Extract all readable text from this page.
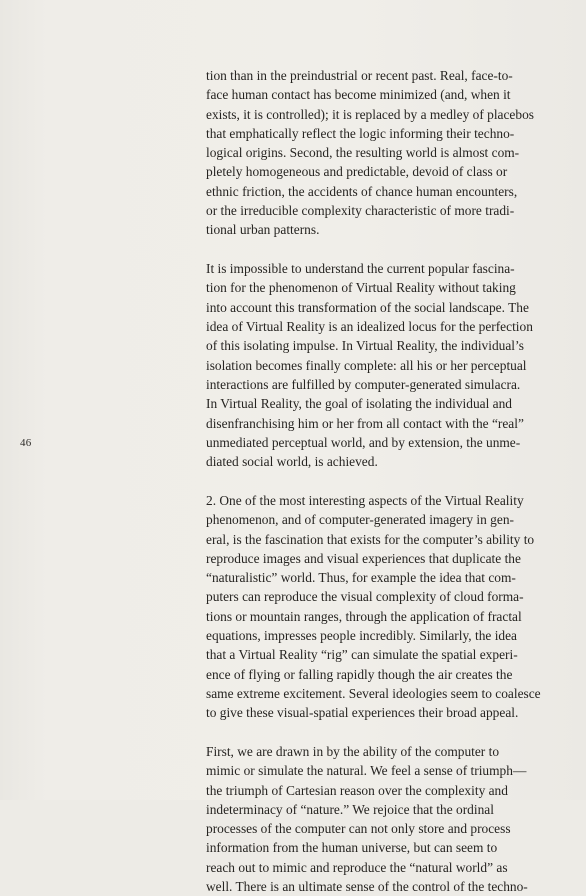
46

tion than in the preindustrial or recent past. Real, face-to-
face human contact has become minimized (and, when it
exists, it is controlled); it is replaced by a medley of placebos
that emphatically reflect the logic informing their techno-
logical origins. Second, the resulting world is almost com-
pletely homogeneous and predictable, devoid of class or
ethnic friction, the accidents of chance human encounters,
or the irreducible complexity characteristic of more tradi-
tional urban patterns.

It is impossible to understand the current popular fascina-
tion for the phenomenon of Virtual Reality without taking
into account this transformation of the social landscape. The
idea of Virtual Reality is an idealized locus for the perfection
of this isolating impulse. In Virtual Reality, the individual’s
isolation becomes finally complete: all his or her perceptual
interactions are fulfilled by computer-generated simulacra.
In Virtual Reality, the goal of isolating the individual and
disenfranchising him or her from all contact with the “real”
unmediated perceptual world, and by extension, the unme-
diated social world, is achieved.

2. One of the most interesting aspects of the Virtual Reality
phenomenon, and of computer-generated imagery in gen-
eral, is the fascination that exists for the computer’s ability to
reproduce images and visual experiences that duplicate the
“naturalistic” world. Thus, for example the idea that com-
puters can reproduce the visual complexity of cloud forma-
tions or mountain ranges, through the application of fractal
equations, impresses people incredibly. Similarly, the idea
that a Virtual Reality “rig” can simulate the spatial experi-
ence of flying or falling rapidly though the air creates the
same extreme excitement. Several ideologies seem to coalesce
to give these visual-spatial experiences their broad appeal.

First, we are drawn in by the ability of the computer to
mimic or simulate the natural. We feel a sense of triumph—
the triumph of Cartesian reason over the complexity and
indeterminacy of “nature.” We rejoice that the ordinal
processes of the computer can not only store and process
information from the human universe, but can seem to
reach out to mimic and reproduce the “natural world” as
well. There is an ultimate sense of the control of the techno-
